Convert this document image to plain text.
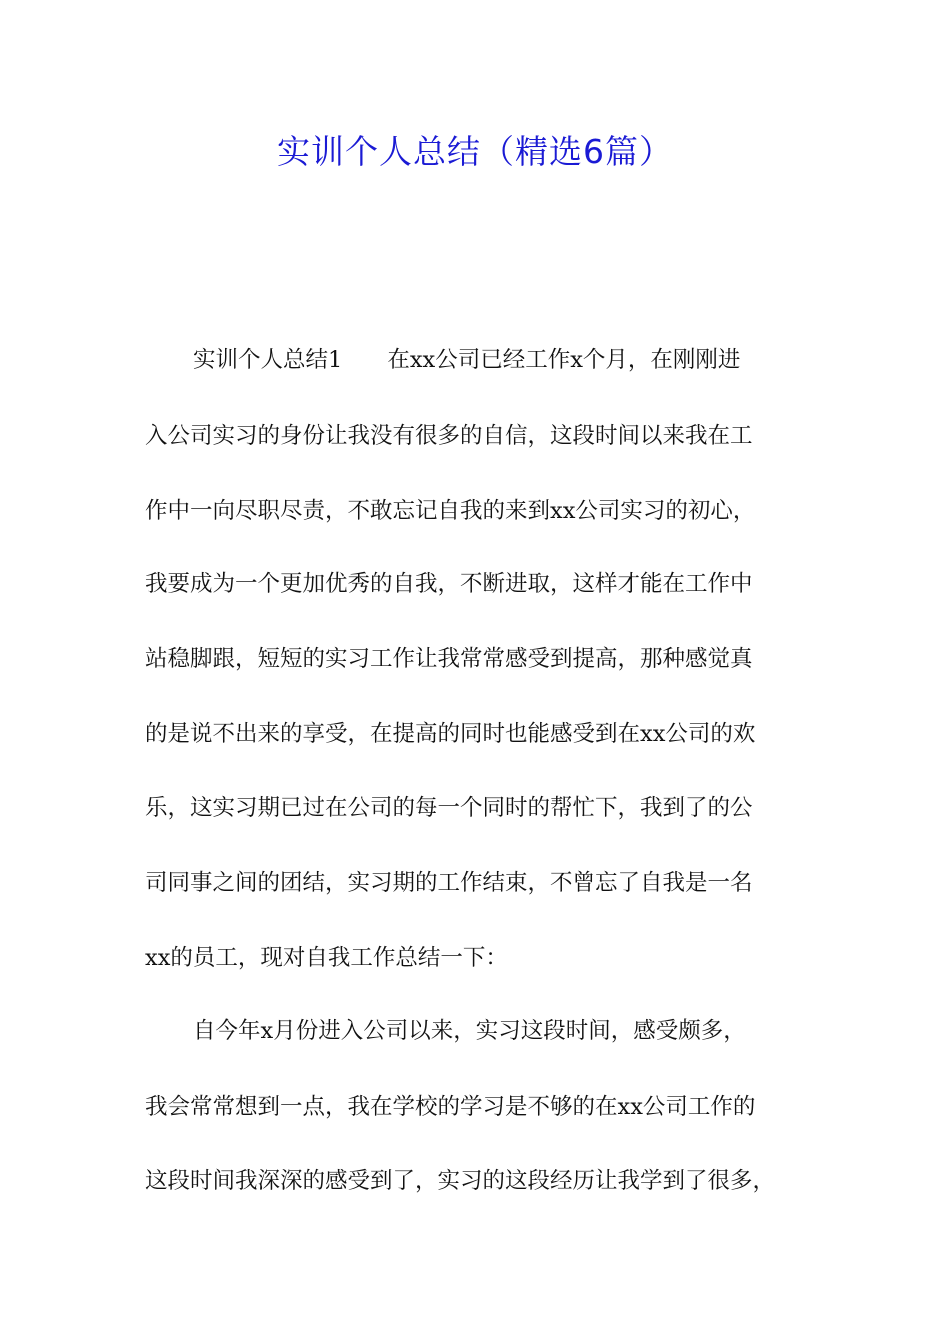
实训个人总结（精选6篇）

实训个人总结1　　在xx公司已经工作x个月，在刚刚进

入公司实习的身份让我没有很多的自信，这段时间以来我在工

作中一向尽职尽责，不敢忘记自我的来到xx公司实习的初心，

我要成为一个更加优秀的自我，不断进取，这样才能在工作中

站稳脚跟，短短的实习工作让我常常感受到提高，那种感觉真

的是说不出来的享受，在提高的同时也能感受到在xx公司的欢

乐，这实习期已过在公司的每一个同时的帮忙下，我到了的公

司同事之间的团结，实习期的工作结束，不曾忘了自我是一名

xx的员工，现对自我工作总结一下：

自今年x月份进入公司以来，实习这段时间，感受颇多，

我会常常想到一点，我在学校的学习是不够的在xx公司工作的

这段时间我深深的感受到了，实习的这段经历让我学到了很多，
